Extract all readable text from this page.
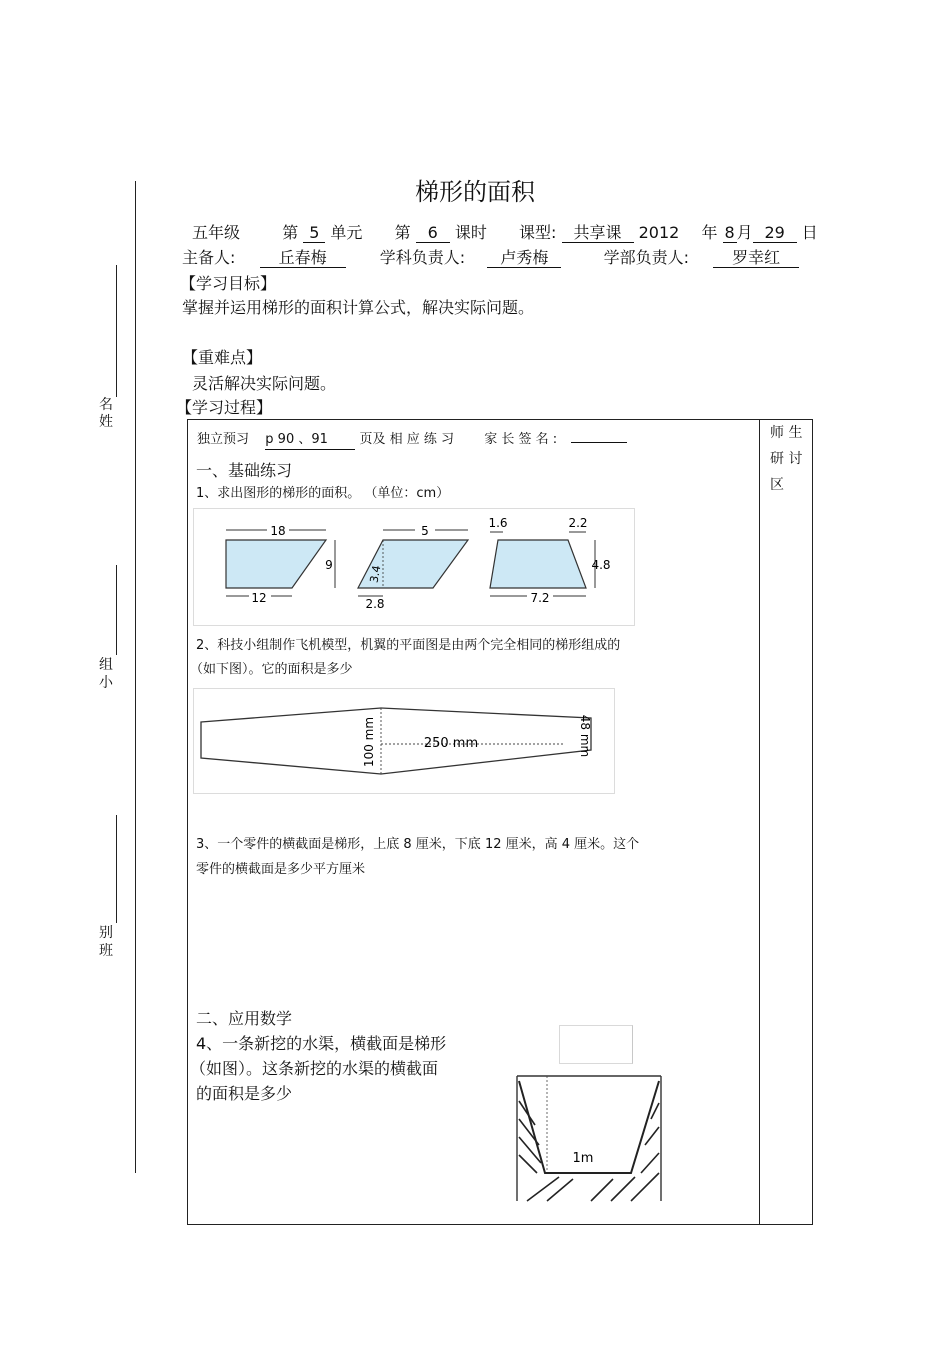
梯形的面积
五年级	第 5 单元 第 6 课时 课型: 共享课 2012 年 8 月 29 日
主备人:	丘春梅	学科负责人: 卢秀梅	学部负责人:	罗幸红
【学习目标】
掌握并运用梯形的面积计算公式，解决实际问题。
【重难点】
灵活解决实际问题。
【学习过程】
名
姓
组
小
别
班
师 生
研 讨
区
独立预习 p 90 、91 页及 相 应 练 习 家 长 签 名 :
一、基础练习
1、求出图形的梯形的面积。 （单位：cm）
18
9
12
5
3.4
2.8
1.6	2.2
4.8
7.2
2、科技小组制作飞机模型，机翼的平面图是由两个完全相同的梯形组成的
（如下图）。它的面积是多少
100 mm	250 mm	48 mm
3、一个零件的横截面是梯形，上底 8 厘米，下底 12 厘米，高 4 厘米。这个
零件的横截面是多少平方厘米
二、应用数学
4、一条新挖的水渠，横截面是梯形
（如图）。这条新挖的水渠的横截面
的面积是多少
1m
